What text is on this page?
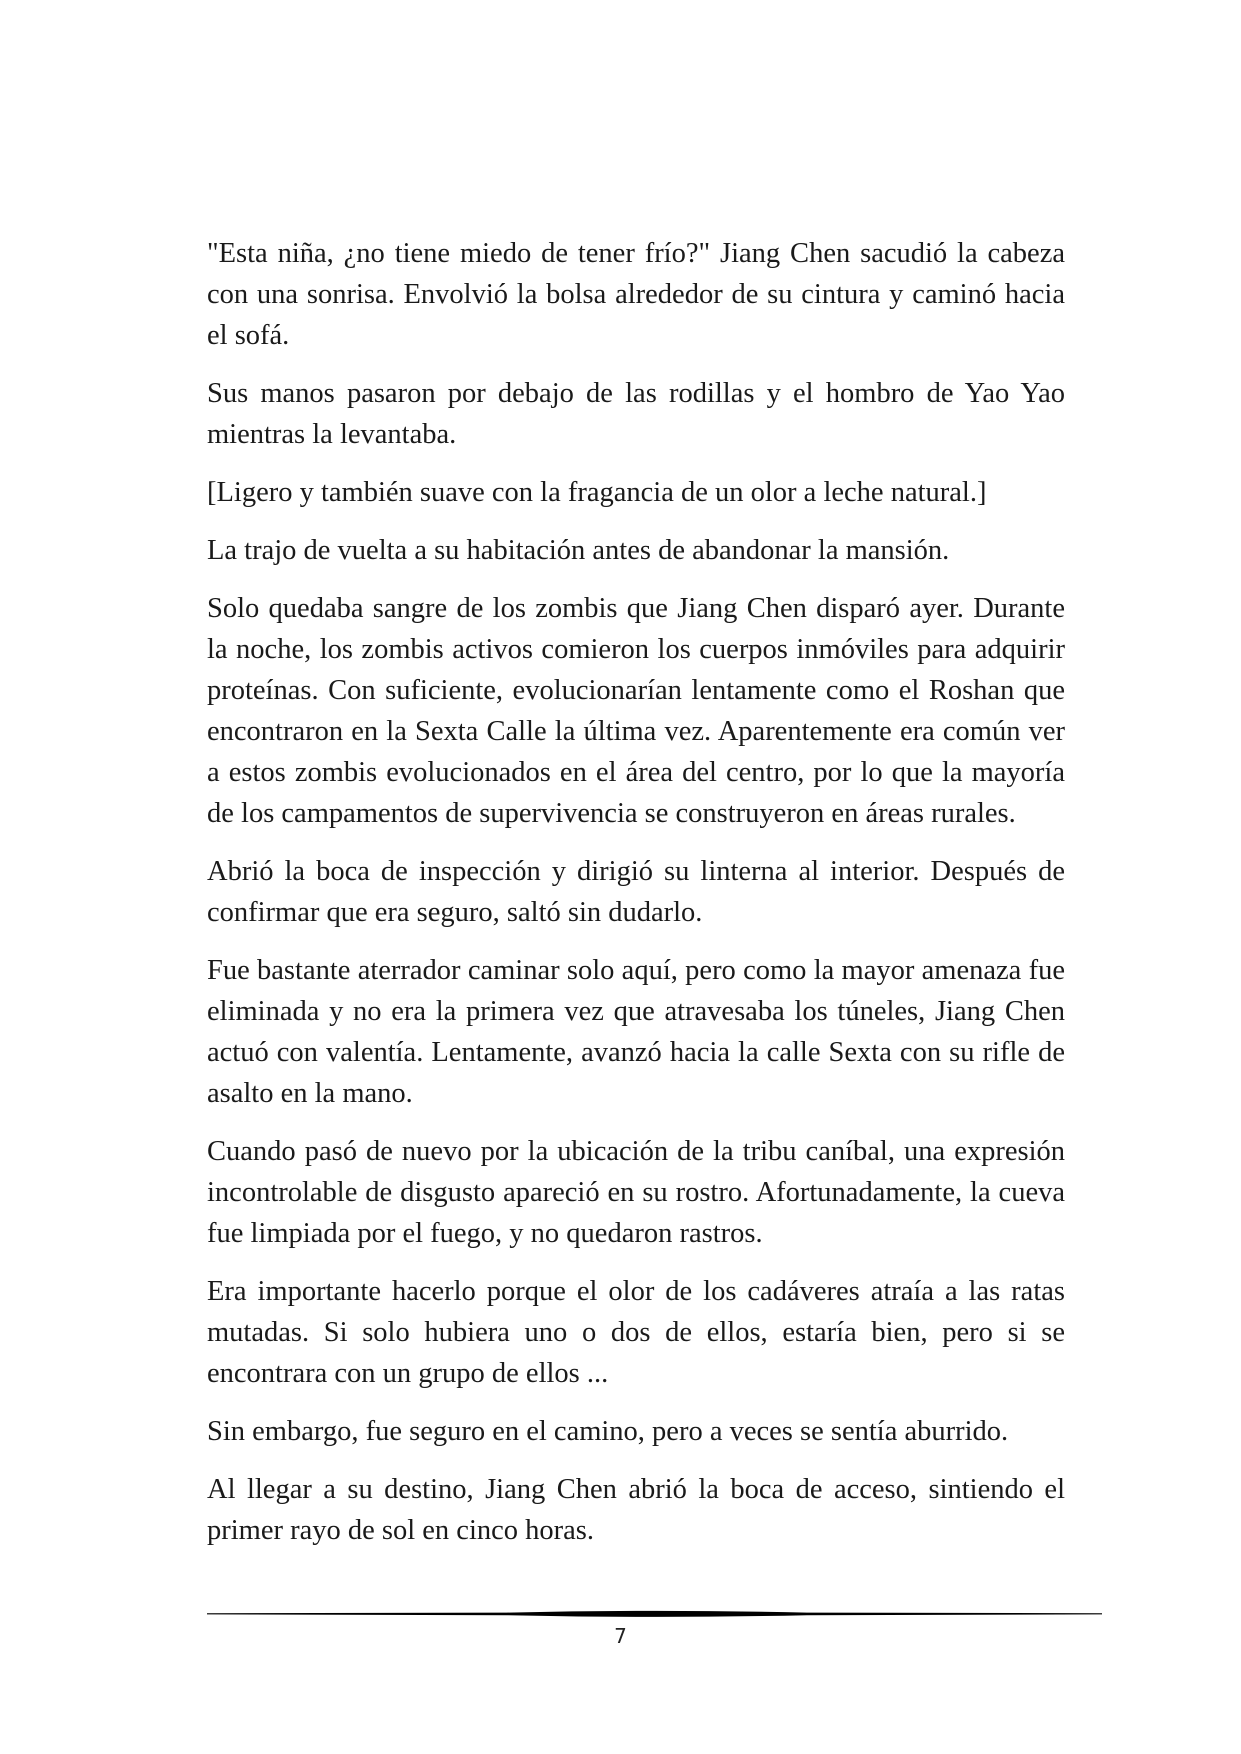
"Esta niña, ¿no tiene miedo de tener frío?" Jiang Chen sacudió la cabeza con una sonrisa. Envolvió la bolsa alrededor de su cintura y caminó hacia el sofá.

Sus manos pasaron por debajo de las rodillas y el hombro de Yao Yao mientras la levantaba.

[Ligero y también suave con la fragancia de un olor a leche natural.]

La trajo de vuelta a su habitación antes de abandonar la mansión.

Solo quedaba sangre de los zombis que Jiang Chen disparó ayer. Durante la noche, los zombis activos comieron los cuerpos inmóviles para adquirir proteínas. Con suficiente, evolucionarían lentamente como el Roshan que encontraron en la Sexta Calle la última vez. Aparentemente era común ver a estos zombis evolucionados en el área del centro, por lo que la mayoría de los campamentos de supervivencia se construyeron en áreas rurales.

Abrió la boca de inspección y dirigió su linterna al interior. Después de confirmar que era seguro, saltó sin dudarlo.

Fue bastante aterrador caminar solo aquí, pero como la mayor amenaza fue eliminada y no era la primera vez que atravesaba los túneles, Jiang Chen actuó con valentía. Lentamente, avanzó hacia la calle Sexta con su rifle de asalto en la mano.

Cuando pasó de nuevo por la ubicación de la tribu caníbal, una expresión incontrolable de disgusto apareció en su rostro. Afortunadamente, la cueva fue limpiada por el fuego, y no quedaron rastros.

Era importante hacerlo porque el olor de los cadáveres atraía a las ratas mutadas. Si solo hubiera uno o dos de ellos, estaría bien, pero si se encontrara con un grupo de ellos ...

Sin embargo, fue seguro en el camino, pero a veces se sentía aburrido.

Al llegar a su destino, Jiang Chen abrió la boca de acceso, sintiendo el primer rayo de sol en cinco horas.

7
